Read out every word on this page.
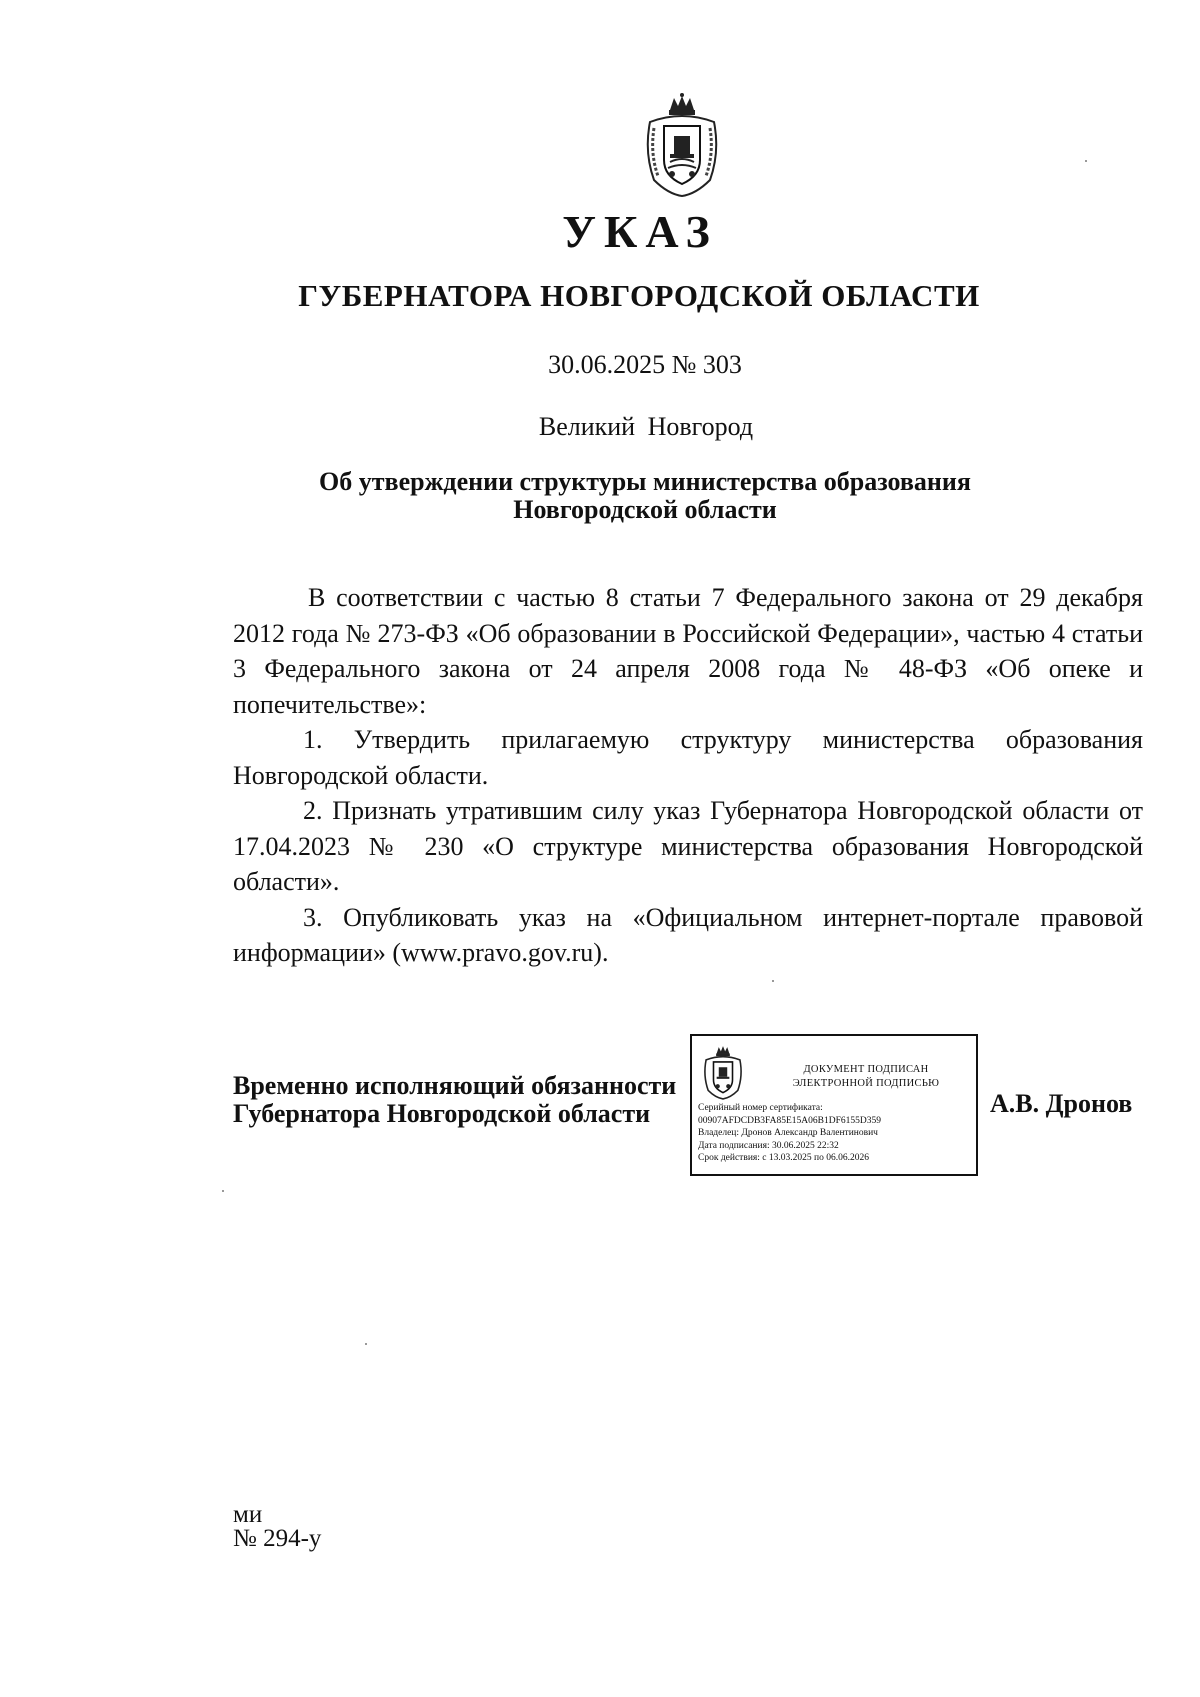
УКАЗ
ГУБЕРНАТОРА НОВГОРОДСКОЙ ОБЛАСТИ
30.06.2025 № 303
Великий Новгород
Об утверждении структуры министерства образования
Новгородской области

В соответствии с частью 8 статьи 7 Федерального закона от 29 декабря 2012 года № 273-ФЗ «Об образовании в Российской Федерации», частью 4 статьи 3 Федерального закона от 24 апреля 2008 года № 48-ФЗ «Об опеке и попечительстве»:

1. Утвердить прилагаемую структуру министерства образования Новгородской области.

2. Признать утратившим силу указ Губернатора Новгородской области от 17.04.2023 № 230 «О структуре министерства образования Новгородской области».

3. Опубликовать указ на «Официальном интернет-портале правовой информации» (www.pravo.gov.ru).

Временно исполняющий обязанности
Губернатора Новгородской области
ДОКУМЕНТ ПОДПИСАН
ЭЛЕКТРОННОЙ ПОДПИСЬЮ
Серийный номер сертификата:
00907AFDCDB3FA85E15A06B1DF6155D359
Владелец: Дронов Александр Валентинович
Дата подписания: 30.06.2025 22:32
Срок действия: с 13.03.2025 по 06.06.2026
А.В. Дронов
ми
№ 294-у
